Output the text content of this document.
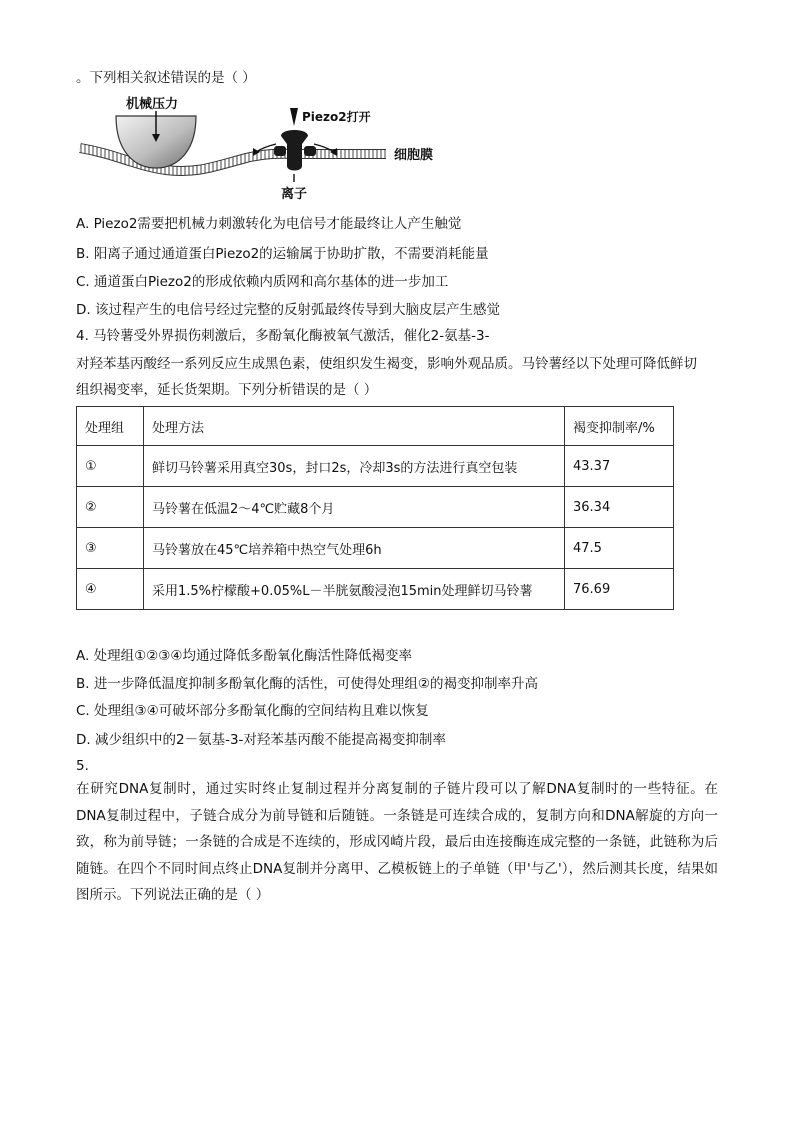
。下列相关叙述错误的是（ ）
机械压力
Piezo2打开
细胞膜
离子
A. Piezo2需要把机械力刺激转化为电信号才能最终让人产生触觉
B. 阳离子通过通道蛋白Piezo2的运输属于协助扩散，不需要消耗能量
C. 通道蛋白Piezo2的形成依赖内质网和高尔基体的进一步加工
D. 该过程产生的电信号经过完整的反射弧最终传导到大脑皮层产生感觉
4. 马铃薯受外界损伤刺激后，多酚氧化酶被氧气激活，催化2-氨基-3-
对羟苯基丙酸经一系列反应生成黑色素，使组织发生褐变，影响外观品质。马铃薯经以下处理可降低鲜切
组织褐变率，延长货架期。下列分析错误的是（ ）
处理组	处理方法	褐变抑制率/%
①	鲜切马铃薯采用真空30s，封口2s，冷却3s的方法进行真空包装	43.37
②	马铃薯在低温2～4℃贮藏8个月	36.34
③	马铃薯放在45℃培养箱中热空气处理6h	47.5
④	采用1.5%柠檬酸+0.05%L－半胱氨酸浸泡15min处理鲜切马铃薯	76.69
A. 处理组①②③④均通过降低多酚氧化酶活性降低褐变率
B. 进一步降低温度抑制多酚氧化酶的活性，可使得处理组②的褐变抑制率升高
C. 处理组③④可破坏部分多酚氧化酶的空间结构且难以恢复
D. 减少组织中的2－氨基-3-对羟苯基丙酸不能提高褐变抑制率
5.
在研究DNA复制时，通过实时终止复制过程并分离复制的子链片段可以了解DNA复制时的一些特征。在DNA复制过程中，子链合成分为前导链和后随链。一条链是可连续合成的，复制方向和DNA解旋的方向一致，称为前导链；一条链的合成是不连续的，形成冈崎片段，最后由连接酶连成完整的一条链，此链称为后随链。在四个不同时间点终止DNA复制并分离甲、乙模板链上的子单链（甲'与乙'），然后测其长度，结果如图所示。下列说法正确的是（ ）
